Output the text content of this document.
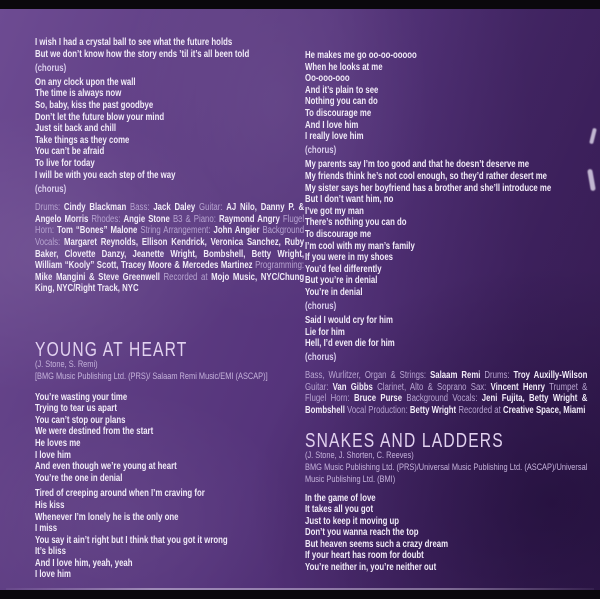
I wish I had a crystal ball to see what the future holds
But we don’t know how the story ends ’til it’s all been told
(chorus)
On any clock upon the wall
The time is always now
So, baby, kiss the past goodbye
Don’t let the future blow your mind
Just sit back and chill
Take things as they come
You can’t be afraid
To live for today
I will be with you each step of the way
(chorus)

Drums: Cindy Blackman Bass: Jack Daley Guitar: AJ Nilo, Danny P. & Angelo Morris Rhodes: Angie Stone B3 & Piano: Raymond Angry Flugel Horn: Tom “Bones” Malone String Arrangement: John Angier Background Vocals: Margaret Reynolds, Ellison Kendrick, Veronica Sanchez, Ruby Baker, Clovette Danzy, Jeanette Wright, Bombshell, Betty Wright, William “Kooly” Scott, Tracey Moore & Mercedes Martinez Programming: Mike Mangini & Steve Greenwell Recorded at Mojo Music, NYC/Chung King, NYC/Right Track, NYC

YOUNG AT HEART
(J. Stone, S. Remi)
[BMG Music Publishing Ltd. (PRS)/ Salaam Remi Music/EMI (ASCAP)]
You’re wasting your time
Trying to tear us apart
You can’t stop our plans
We were destined from the start
He loves me
I love him
And even though we’re young at heart
You’re the one in denial
Tired of creeping around when I’m craving for
His kiss
Whenever I’m lonely he is the only one
I miss
You say it ain’t right but I think that you got it wrong
It’s bliss
And I love him, yeah, yeah
I love him
He makes me go oo-oo-ooooo
When he looks at me
Oo-ooo-ooo
And it’s plain to see
Nothing you can do
To discourage me
And I love him
I really love him
(chorus)
My parents say I’m too good and that he doesn’t deserve me
My friends think he’s not cool enough, so they’d rather desert me
My sister says her boyfriend has a brother and she’ll introduce me
But I don’t want him, no
I’ve got my man
There’s nothing you can do
To discourage me
I’m cool with my man’s family
If you were in my shoes
You’d feel differently
But you’re in denial
You’re in denial
(chorus)
Said I would cry for him
Lie for him
Hell, I’d even die for him
(chorus)

Bass, Wurlitzer, Organ & Strings: Salaam Remi Drums: Troy Auxilly-Wilson Guitar: Van Gibbs Clarinet, Alto & Soprano Sax: Vincent Henry Trumpet & Flugel Horn: Bruce Purse Background Vocals: Jeni Fujita, Betty Wright & Bombshell Vocal Production: Betty Wright Recorded at Creative Space, Miami

SNAKES AND LADDERS
(J. Stone, J. Shorten, C. Reeves)
BMG Music Publishing Ltd. (PRS)/Universal Music Publishing Ltd. (ASCAP)/Universal Music Publishing Ltd. (BMI)
In the game of love
It takes all you got
Just to keep it moving up
Don’t you wanna reach the top
But heaven seems such a crazy dream
If your heart has room for doubt
You’re neither in, you’re neither out
